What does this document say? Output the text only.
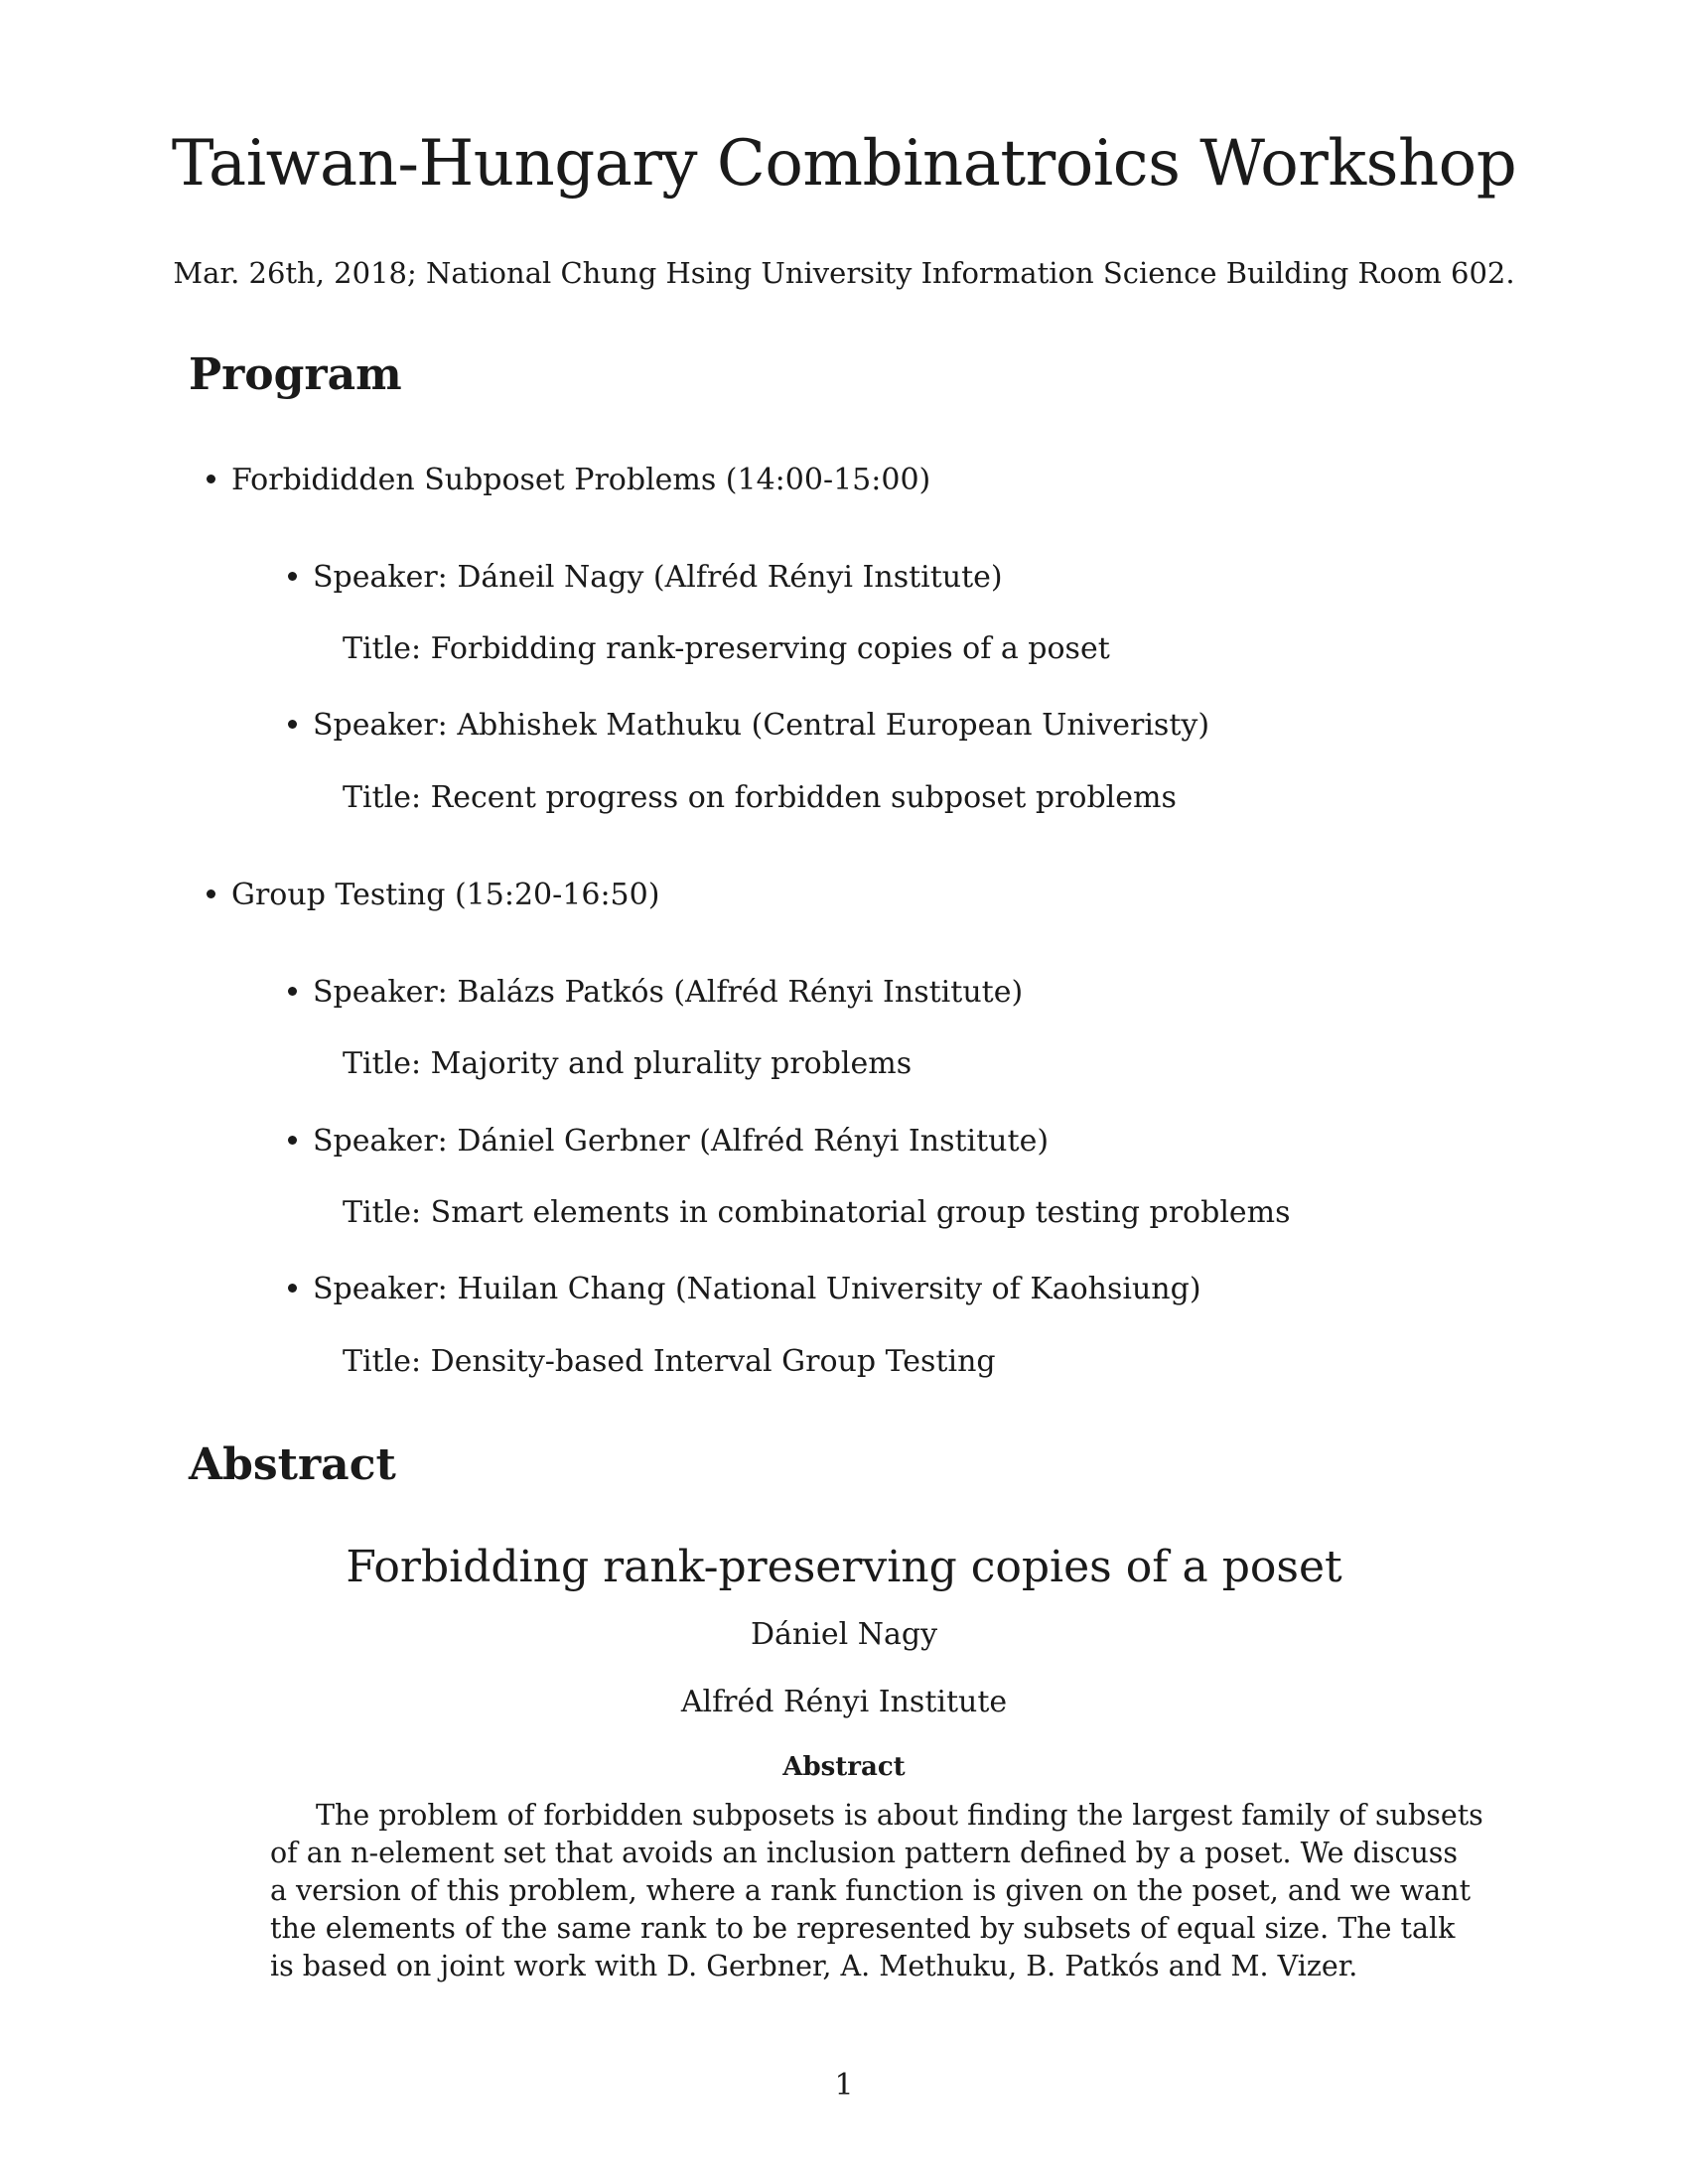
Taiwan-Hungary Combinatroics Workshop
Mar. 26th, 2018; National Chung Hsing University Information Science Building Room 602.
Program
Forbididden Subposet Problems (14:00-15:00)
Speaker: Dáneil Nagy (Alfréd Rényi Institute)
Title: Forbidding rank-preserving copies of a poset
Speaker: Abhishek Mathuku (Central European Univeristy)
Title: Recent progress on forbidden subposet problems
Group Testing (15:20-16:50)
Speaker: Balázs Patkós (Alfréd Rényi Institute)
Title: Majority and plurality problems
Speaker: Dániel Gerbner (Alfréd Rényi Institute)
Title: Smart elements in combinatorial group testing problems
Speaker: Huilan Chang (National University of Kaohsiung)
Title: Density-based Interval Group Testing
Abstract
Forbidding rank-preserving copies of a poset
Dániel Nagy
Alfréd Rényi Institute
Abstract
The problem of forbidden subposets is about finding the largest family of subsets
of an n-element set that avoids an inclusion pattern defined by a poset. We discuss
a version of this problem, where a rank function is given on the poset, and we want
the elements of the same rank to be represented by subsets of equal size. The talk
is based on joint work with D. Gerbner, A. Methuku, B. Patkós and M. Vizer.
1
